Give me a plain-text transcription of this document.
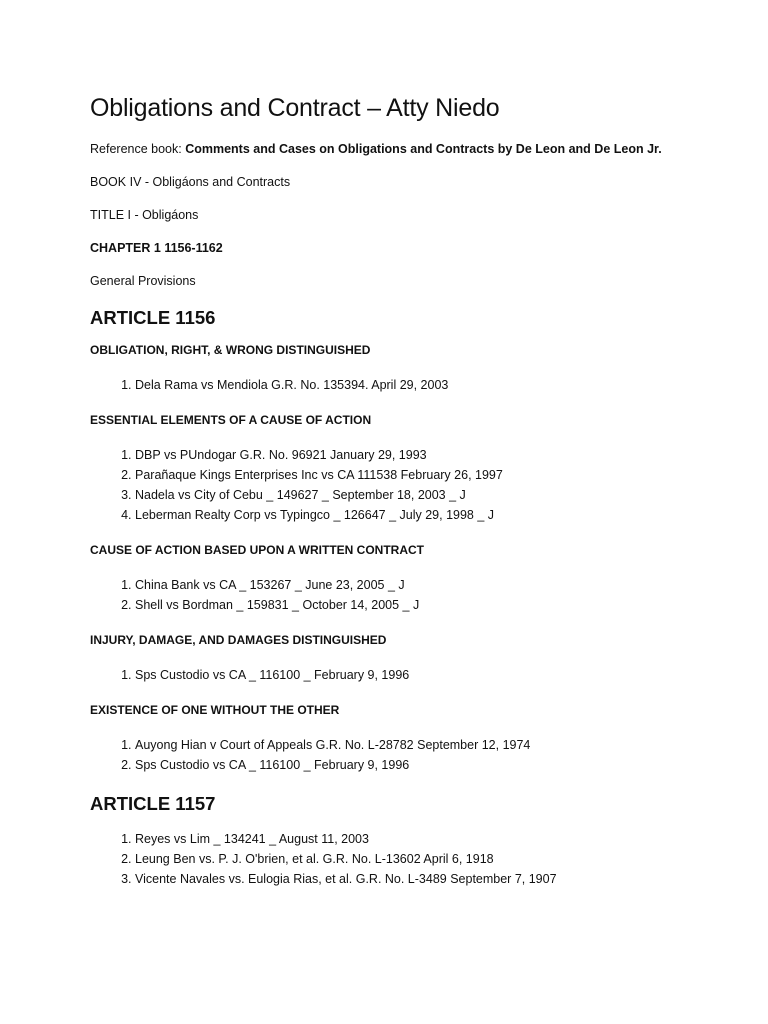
Obligations and Contract – Atty Niedo

Reference book: Comments and Cases on Obligations and Contracts by De Leon and De Leon Jr.

BOOK IV - Obligáons and Contracts

TITLE I - Obligáons

CHAPTER 1 1156-1162

General Provisions

ARTICLE 1156
OBLIGATION, RIGHT, & WRONG DISTINGUISHED
1. Dela Rama vs Mendiola G.R. No. 135394. April 29, 2003
ESSENTIAL ELEMENTS OF A CAUSE OF ACTION
1. DBP vs PUndogar G.R. No. 96921 January 29, 1993
2. Parañaque Kings Enterprises Inc vs CA 111538 February 26, 1997
3. Nadela vs City of Cebu _ 149627 _ September 18, 2003 _ J
4. Leberman Realty Corp vs Typingco _ 126647 _ July 29, 1998 _ J
CAUSE OF ACTION BASED UPON A WRITTEN CONTRACT
1. China Bank vs CA _ 153267 _ June 23, 2005 _ J
2. Shell vs Bordman _ 159831 _ October 14, 2005 _ J
INJURY, DAMAGE, AND DAMAGES DISTINGUISHED
1. Sps Custodio vs CA _ 116100 _ February 9, 1996
EXISTENCE OF ONE WITHOUT THE OTHER
1. Auyong Hian v Court of Appeals G.R. No. L-28782 September 12, 1974
2. Sps Custodio vs CA _ 116100 _ February 9, 1996
ARTICLE 1157
1. Reyes vs Lim _ 134241 _ August 11, 2003
2. Leung Ben vs. P. J. O'brien, et al. G.R. No. L-13602 April 6, 1918
3. Vicente Navales vs. Eulogia Rias, et al. G.R. No. L-3489 September 7, 1907
